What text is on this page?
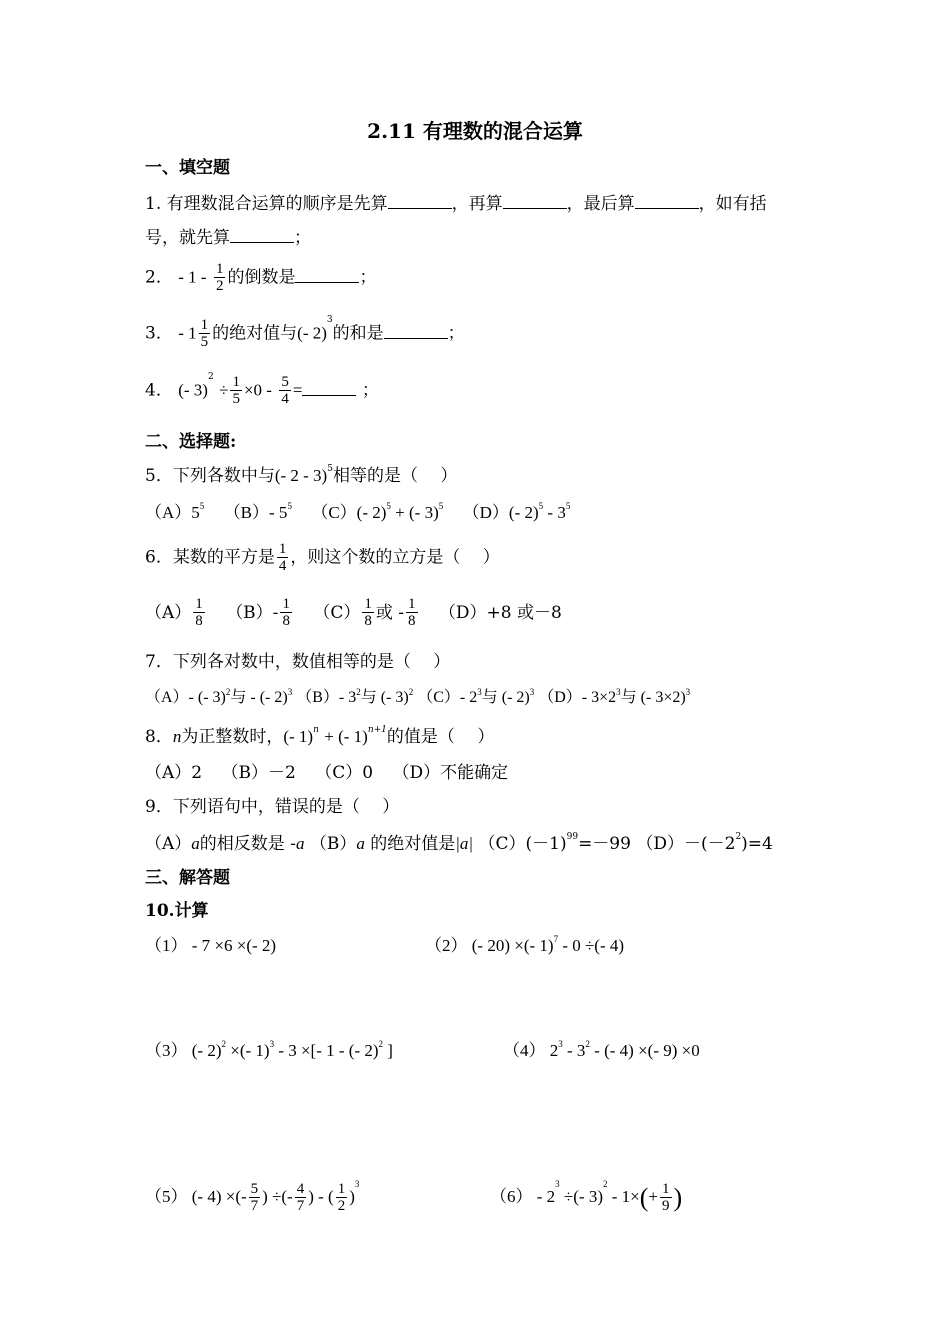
2.11 有理数的混合运算
一、填空题
1. 有理数混合运算的顺序是先算	，再算	，最后算	，如有括
号，就先算	；
2． - $1 - \frac{1}{2}$ 的倒数是	；
3． - $1 \frac{1}{5}$ 的绝对值与(- 2)$^3$的和是	；
4． (- $3)^2 \div \frac{1}{5} \times 0 - \frac{5}{4}$ =	；
二、选择题:
5．下列各数中与(- 2 - 3)$^5$相等的是（　 ）
$(A)5^5$ （B）- $5^5$ （C）(- 2)$^5$ + (- 3)$^5$ （D）(- $2)^5 - 3^5$
6．某数的平方是 $\frac{1}{4}$ ，则这个数的立方是（　 ）
$(A) \frac{1}{8} (B)- \frac{1}{8} (C) \frac{1}{8}$ 或 - $\frac{1}{8} (D)+8$ 或－8
7．下列各对数中，数值相等的是（　 ）
（A）- (- 3)$^2$与 - (- 2)$^3$ （B）- $3^2$与 (- 3)$^2$ （C）- $2^3$与 (- 2)$^3$ （D）- $3\times 2^3$与 (- 3×2)$^3$
8．n为正整数时，(- 1)$^n$ + (- 1)$^{n+1}$的值是（　 ）
（A）2 （B）－2 （C）0 （D）不能确定
9．下列语句中，错误的是（　 ）
（A）a的相反数是 -a （B）a 的绝对值是|a| $(C)(-1)^{99}=-99$ $(D)-(-2^2)=4$
三、解答题
10.计算
（1） - 7 ×6 ×(- 2)	（2） (- 20) ×(- 1)$^7$ - 0 ÷(- 4)
（3） (- 2)$^2$ ×(- 1)$^3$ - 3 ×[- 1 - (- 2)$^2$ ]	（4） $2^3 - 3^2$ - (- 4) ×(- 9) ×0
（5） (- 4) ×(- $\frac{5}{7}$ ) ÷(- $\frac{4}{7}$ ) - ( $\frac{1}{2} )^3$
$(6) - 2^3$ ÷(- $3)^2 - 1\times(+ \frac{1}{9}$ )
